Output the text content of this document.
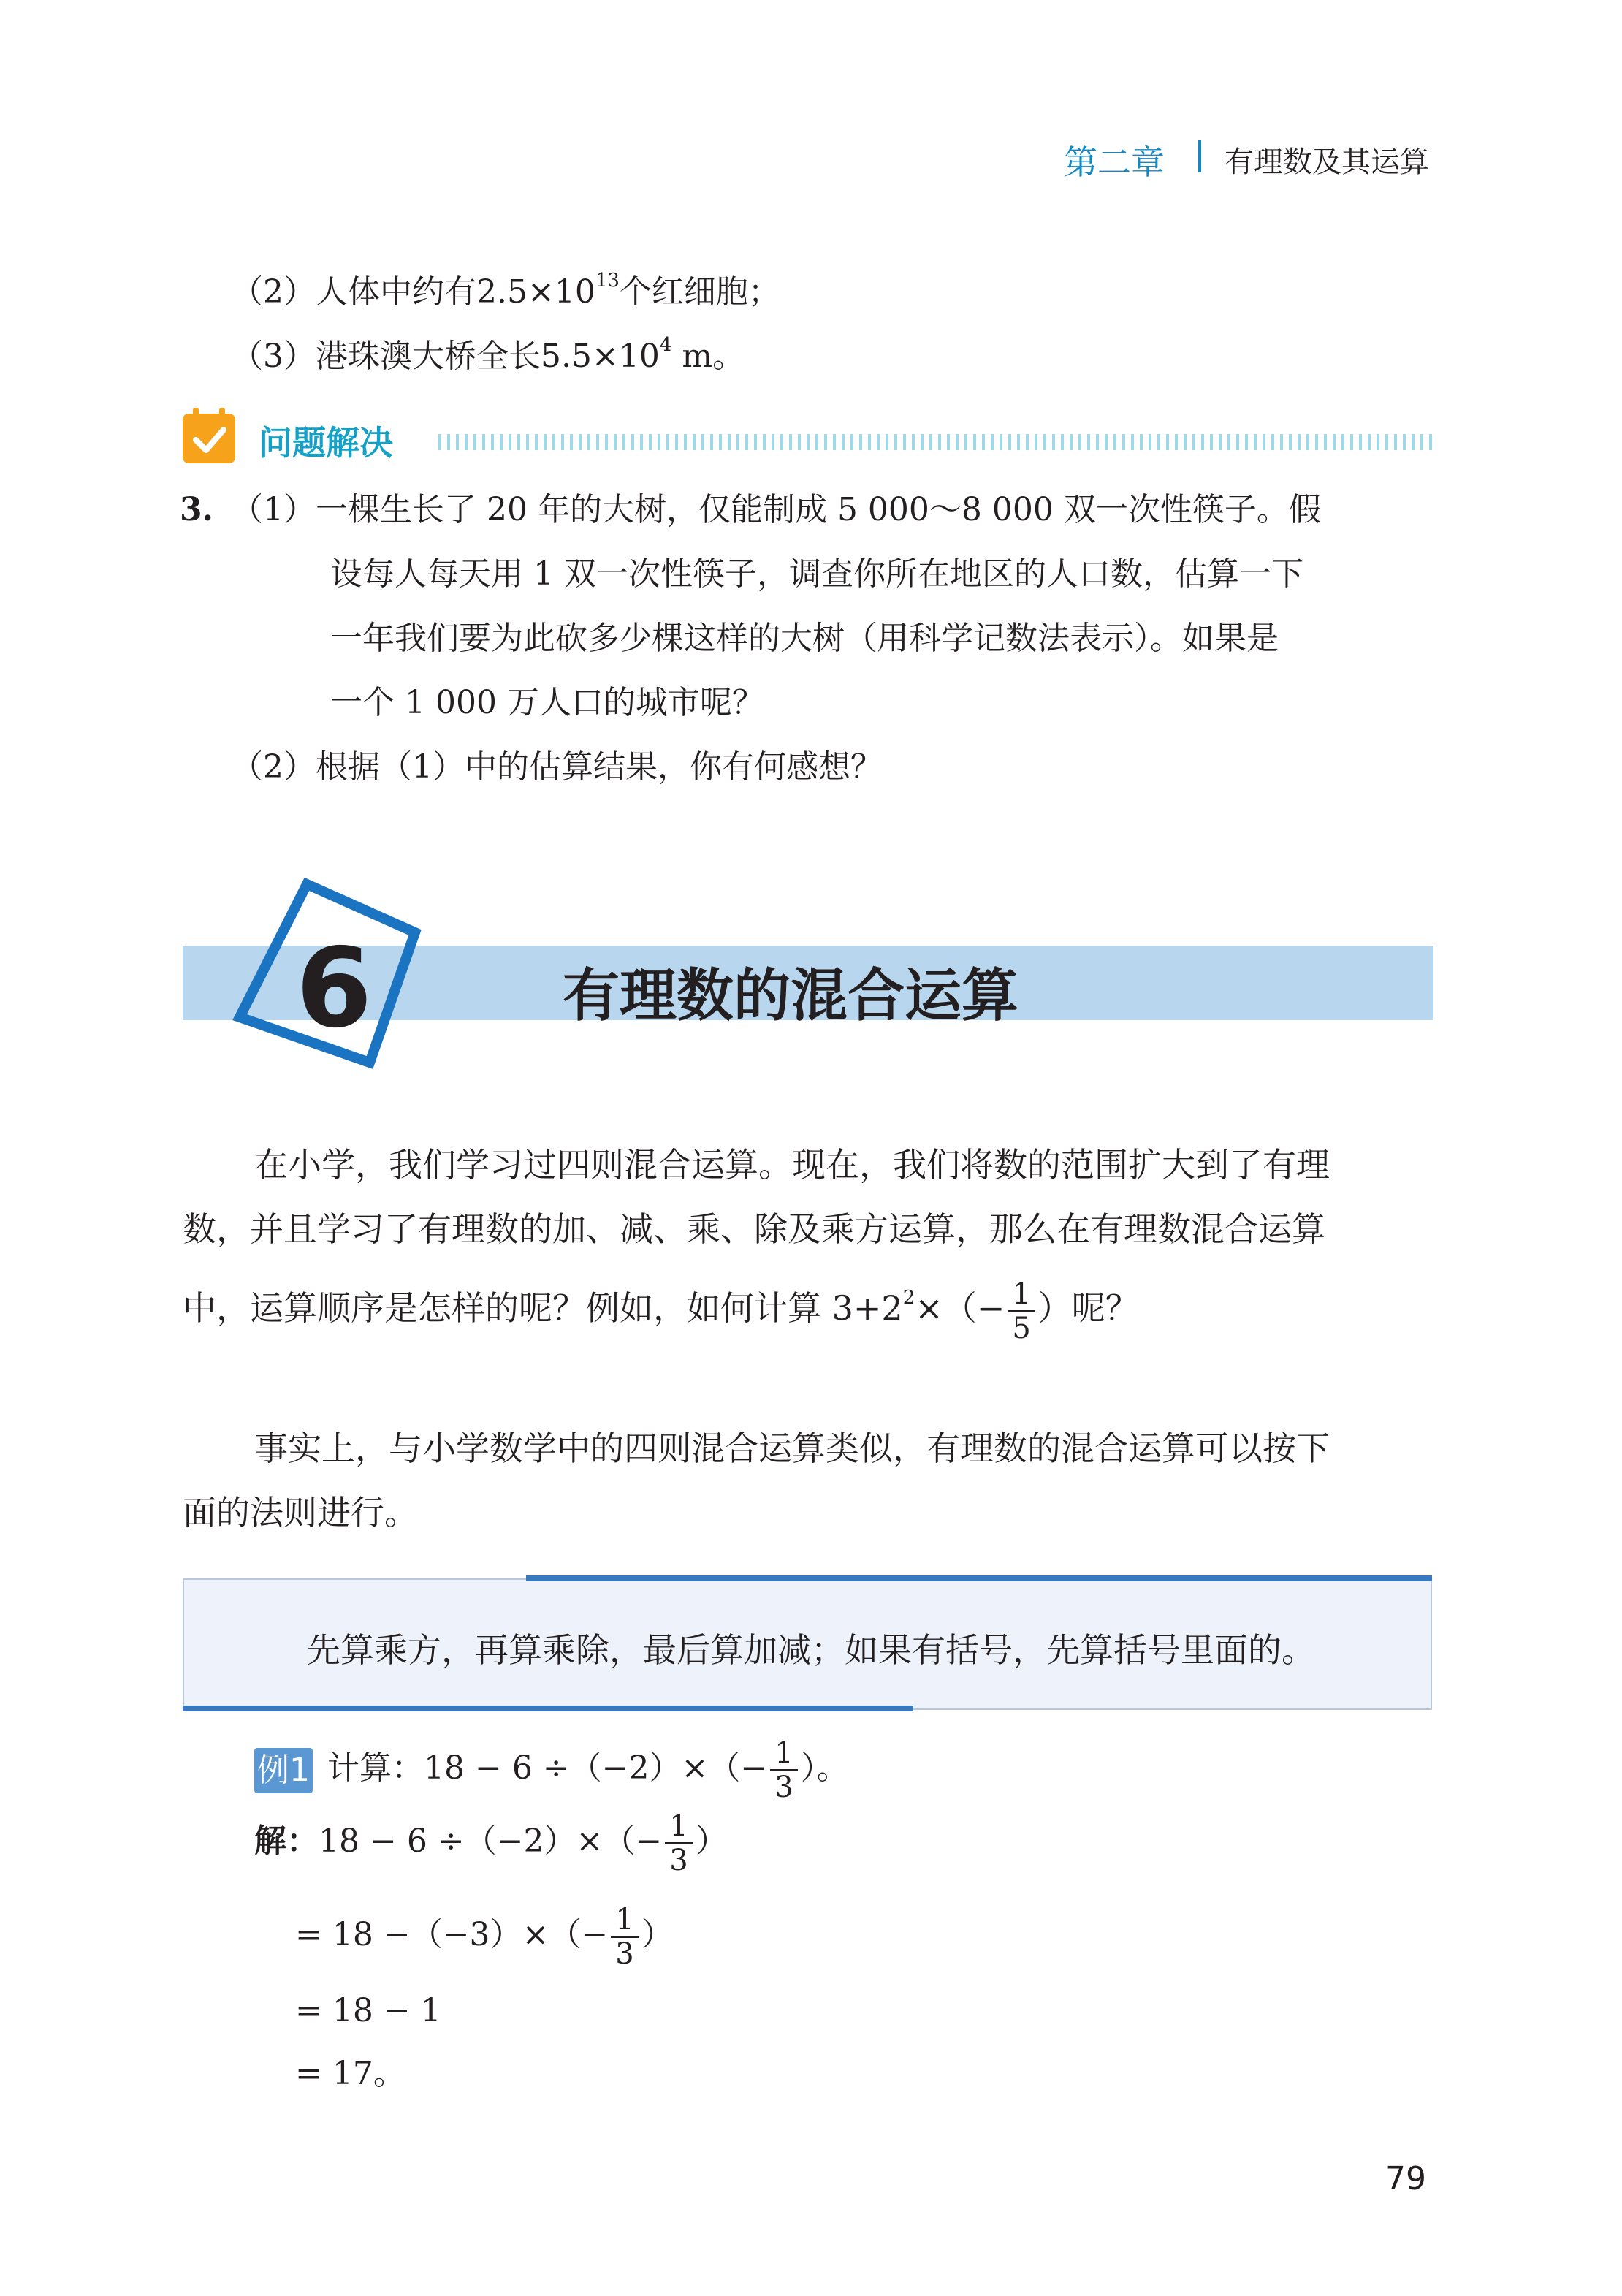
第二章 有理数及其运算
（2）人体中约有$2.5\times 10^{13}$个红细胞；
（3）港珠澳大桥全长$5.5\times 10^4$ m。
问题解决
3. （1）一棵生长了 20 年的大树，仅能制成 5 000～8 000 双一次性筷子。假
设每人每天用 1 双一次性筷子，调查你所在地区的人口数，估算一下
一年我们要为此砍多少棵这样的大树（用科学记数法表示）。如果是
一个 1 000 万人口的城市呢？
（2）根据（1）中的估算结果，你有何感想？
6	有理数的混合运算
在小学，我们学习过四则混合运算。现在，我们将数的范围扩大到了有理
数，并且学习了有理数的加、减、乘、除及乘方运算，那么在有理数混合运算
中，运算顺序是怎样的呢？例如，如何计算 $3+2^2\times(- \frac{1}{5}$ ）呢？
事实上，与小学数学中的四则混合运算类似，有理数的混合运算可以按下
面的法则进行。
先算乘方，再算乘除，最后算加减；如果有括号，先算括号里面的。
例1 计算：$18 - 6 \div(-2)\times(- \frac{1}{3}$ ）。
解：$18 - 6 \div(-2)\times(- \frac{1}{3}$ ）
= $18 -(-3)\times(- \frac{1}{3}$ ）
= 18 − 1
= 17。
79
